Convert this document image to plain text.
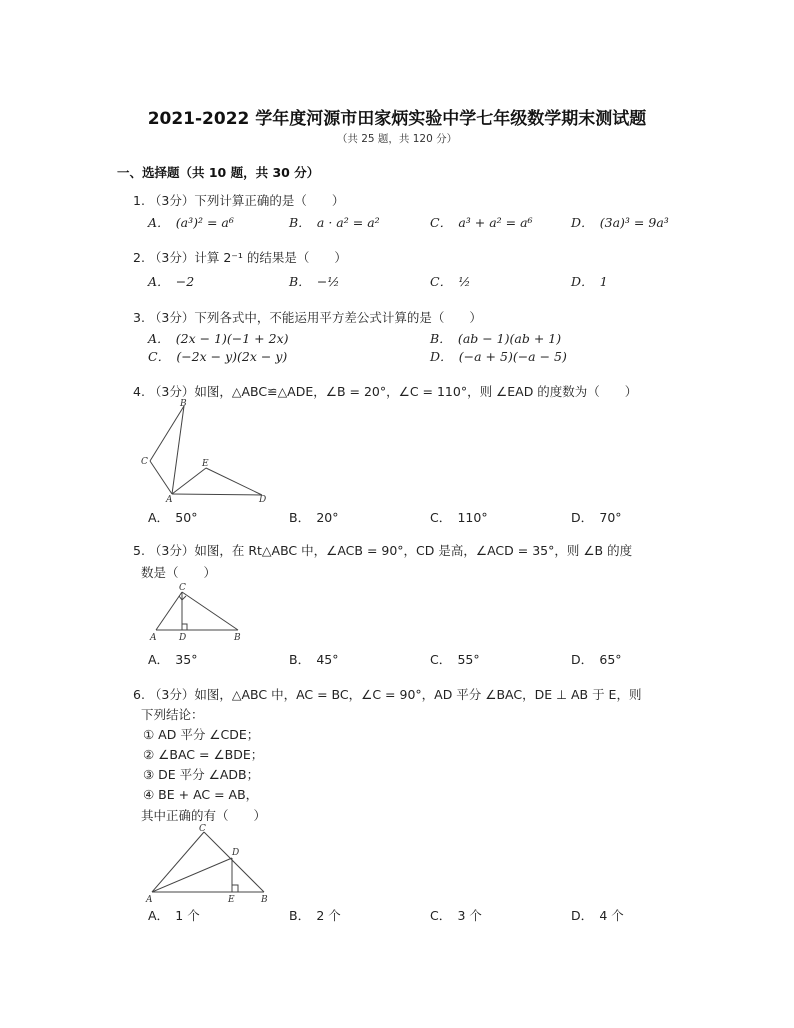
2021-2022 学年度河源市田家炳实验中学七年级数学期末测试题
（共 25 题，共 120 分）
一、选择题（共 10 题，共 30 分）
1. （3分）下列计算正确的是（　　）
A．　(a³)² = a⁶	B．　a · a² = a²	C．　a³ + a² = a⁶	D．　(3a)³ = 9a³
2. （3分）计算 2⁻¹ 的结果是（　　）
A．　−2	B．　−½	C．　½	D．　1
3. （3分）下列各式中，不能运用平方差公式计算的是（　　）
A．　(2x − 1)(−1 + 2x)	B．　(ab − 1)(ab + 1)
C．　(−2x − y)(2x − y)	D．　(−a + 5)(−a − 5)
4. （3分）如图，△ABC≌△ADE，∠B = 20°，∠C = 110°，则 ∠EAD 的度数为（　　）
B
C	E
A	D
A．　50°	B．　20°	C．　110°	D．　70°
5. （3分）如图，在 Rt△ABC 中，∠ACB = 90°，CD 是高，∠ACD = 35°，则 ∠B 的度
数是（　　）
C
A	D	B
A．　35°	B．　45°	C．　55°	D．　65°
6. （3分）如图，△ABC 中，AC = BC，∠C = 90°，AD 平分 ∠BAC，DE ⊥ AB 于 E，则
下列结论：
① AD 平分 ∠CDE；
② ∠BAC = ∠BDE；
③ DE 平分 ∠ADB；
④ BE + AC = AB，
其中正确的有（　　）
C
D
A	E	B
A．　1 个	B．　2 个	C．　3 个	D．　4 个
